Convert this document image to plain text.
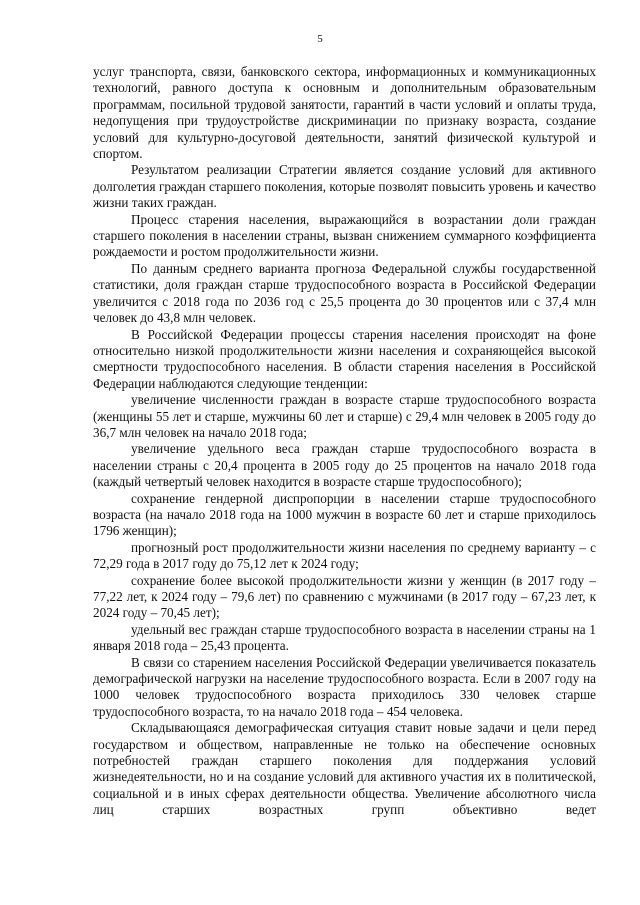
5

услуг транспорта, связи, банковского сектора, информационных и коммуникационных технологий, равного доступа к основным и дополнительным образовательным программам, посильной трудовой занятости, гарантий в части условий и оплаты труда, недопущения при трудоустройстве дискриминации по признаку возраста, создание условий для культурно-досуговой деятельности, занятий физической культурой и спортом.

Результатом реализации Стратегии является создание условий для активного долголетия граждан старшего поколения, которые позволят повысить уровень и качество жизни таких граждан.

Процесс старения населения, выражающийся в возрастании доли граждан старшего поколения в населении страны, вызван снижением суммарного коэффициента рождаемости и ростом продолжительности жизни.

По данным среднего варианта прогноза Федеральной службы государственной статистики, доля граждан старше трудоспособного возраста в Российской Федерации увеличится с 2018 года по 2036 год с 25,5 процента до 30 процентов или с 37,4 млн человек до 43,8 млн человек.

В Российской Федерации процессы старения населения происходят на фоне относительно низкой продолжительности жизни населения и сохраняющейся высокой смертности трудоспособного населения. В области старения населения в Российской Федерации наблюдаются следующие тенденции:

увеличение численности граждан в возрасте старше трудоспособного возраста (женщины 55 лет и старше, мужчины 60 лет и старше) с 29,4 млн человек в 2005 году до 36,7 млн человек на начало 2018 года;

увеличение удельного веса граждан старше трудоспособного возраста в населении страны с 20,4 процента в 2005 году до 25 процентов на начало 2018 года (каждый четвертый человек находится в возрасте старше трудоспособного);

сохранение гендерной диспропорции в населении старше трудоспособного возраста (на начало 2018 года на 1000 мужчин в возрасте 60 лет и старше приходилось 1796 женщин);

прогнозный рост продолжительности жизни населения по среднему варианту – с 72,29 года в 2017 году до 75,12 лет к 2024 году;

сохранение более высокой продолжительности жизни у женщин (в 2017 году – 77,22 лет, к 2024 году – 79,6 лет) по сравнению с мужчинами (в 2017 году – 67,23 лет, к 2024 году – 70,45 лет);

удельный вес граждан старше трудоспособного возраста в населении страны на 1 января 2018 года – 25,43 процента.

В связи со старением населения Российской Федерации увеличивается показатель демографической нагрузки на население трудоспособного возраста. Если в 2007 году на 1000 человек трудоспособного возраста приходилось 330 человек старше трудоспособного возраста, то на начало 2018 года – 454 человека.

Складывающаяся демографическая ситуация ставит новые задачи и цели перед государством и обществом, направленные не только на обеспечение основных потребностей граждан старшего поколения для поддержания условий жизнедеятельности, но и на создание условий для активного участия их в политической, социальной и в иных сферах деятельности общества. Увеличение абсолютного числа лиц старших возрастных групп объективно ведет
